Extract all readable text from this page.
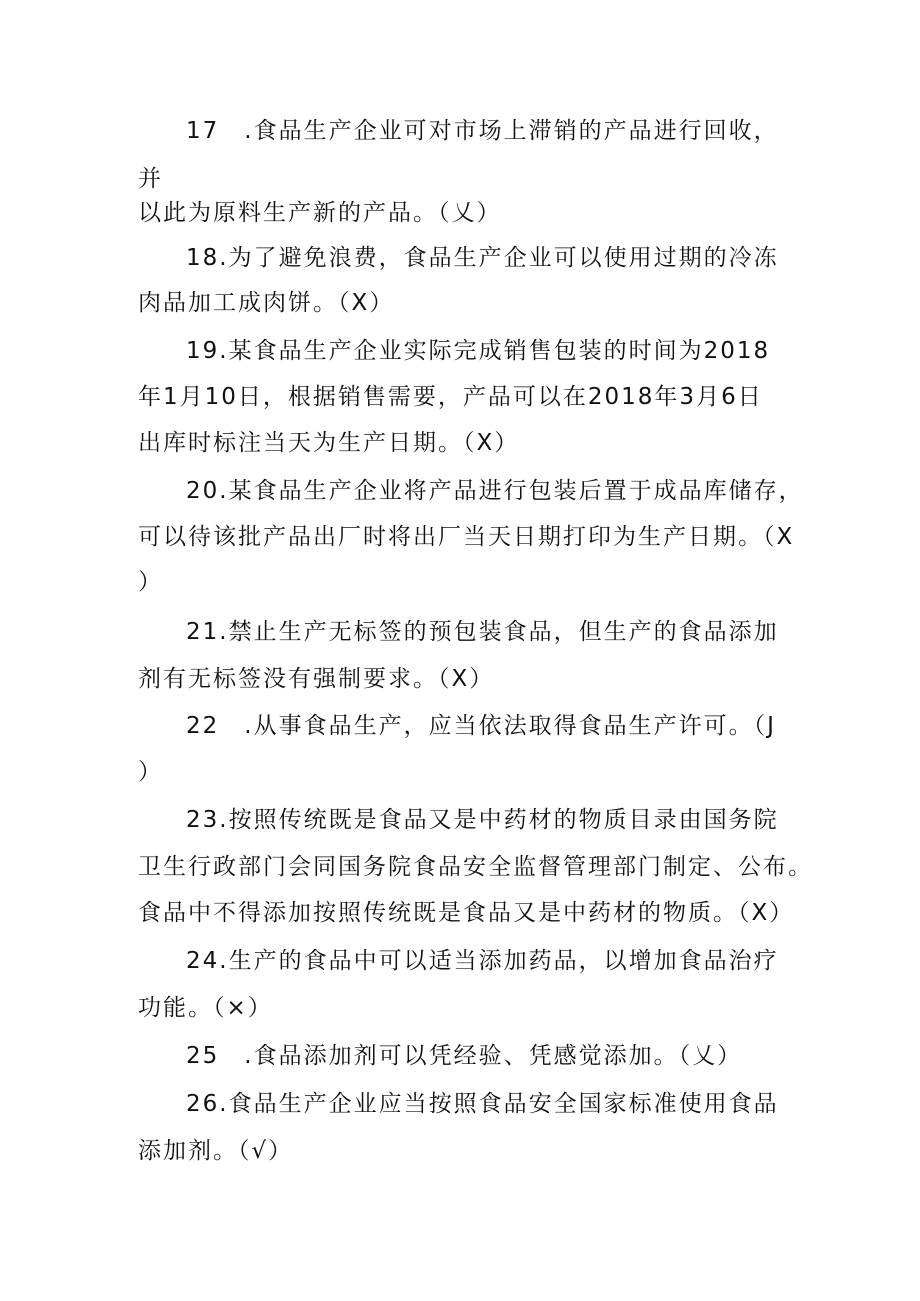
17　.食品生产企业可对市场上滞销的产品进行回收，
并
以此为原料生产新的产品。（乂）
18.为了避免浪费，食品生产企业可以使用过期的冷冻
肉品加工成肉饼。（X）
19.某食品生产企业实际完成销售包装的时间为2018
年1月10日，根据销售需要，产品可以在2018年3月6日
出库时标注当天为生产日期。（X）
20.某食品生产企业将产品进行包装后置于成品库储存，
可以待该批产品出厂时将出厂当天日期打印为生产日期。（X
）
21.禁止生产无标签的预包装食品，但生产的食品添加
剂有无标签没有强制要求。（X）
22　.从事食品生产，应当依法取得食品生产许可。（J
）
23.按照传统既是食品又是中药材的物质目录由国务院
卫生行政部门会同国务院食品安全监督管理部门制定、公布。
食品中不得添加按照传统既是食品又是中药材的物质。（X）
24.生产的食品中可以适当添加药品，以增加食品治疗
功能。（×）
25　.食品添加剂可以凭经验、凭感觉添加。（乂）
26.食品生产企业应当按照食品安全国家标准使用食品
添加剂。（√）
